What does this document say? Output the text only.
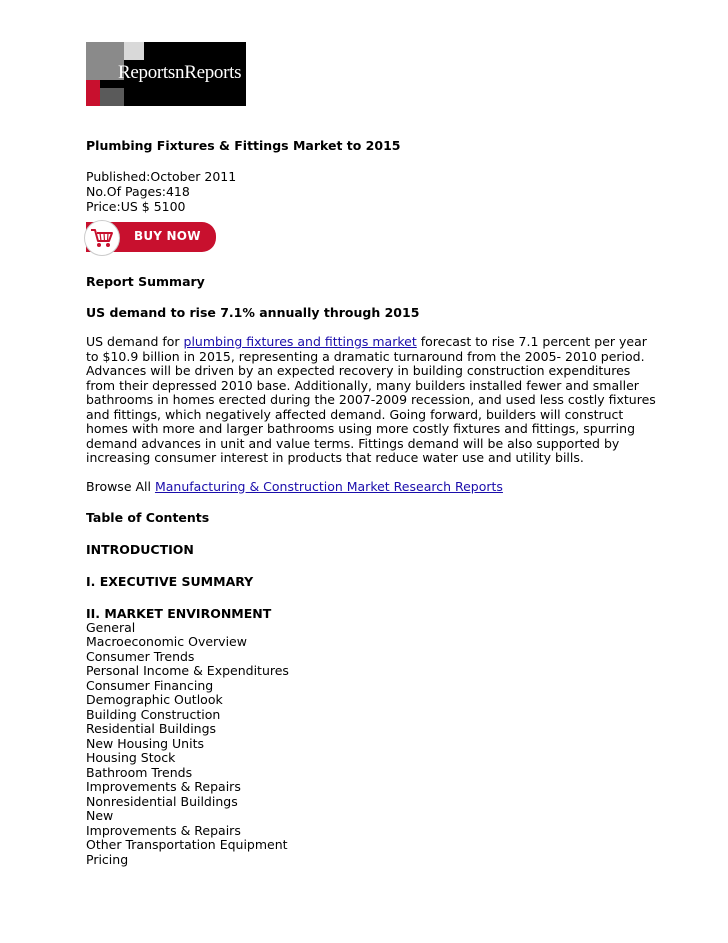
ReportsnReports
Plumbing Fixtures & Fittings Market to 2015
Published:October 2011
No.Of Pages:418
Price:US $ 5100
BUY NOW
Report Summary
US demand to rise 7.1% annually through 2015
US demand for plumbing fixtures and fittings market forecast to rise 7.1 percent per year to $10.9 billion in 2015, representing a dramatic turnaround from the 2005- 2010 period. Advances will be driven by an expected recovery in building construction expenditures from their depressed 2010 base. Additionally, many builders installed fewer and smaller bathrooms in homes erected during the 2007-2009 recession, and used less costly fixtures and fittings, which negatively affected demand. Going forward, builders will construct homes with more and larger bathrooms using more costly fixtures and fittings, spurring demand advances in unit and value terms. Fittings demand will be also supported by increasing consumer interest in products that reduce water use and utility bills.
Browse All Manufacturing & Construction Market Research Reports
Table of Contents
INTRODUCTION
I. EXECUTIVE SUMMARY
II. MARKET ENVIRONMENT
General
Macroeconomic Overview
Consumer Trends
Personal Income & Expenditures
Consumer Financing
Demographic Outlook
Building Construction
Residential Buildings
New Housing Units
Housing Stock
Bathroom Trends
Improvements & Repairs
Nonresidential Buildings
New
Improvements & Repairs
Other Transportation Equipment
Pricing
